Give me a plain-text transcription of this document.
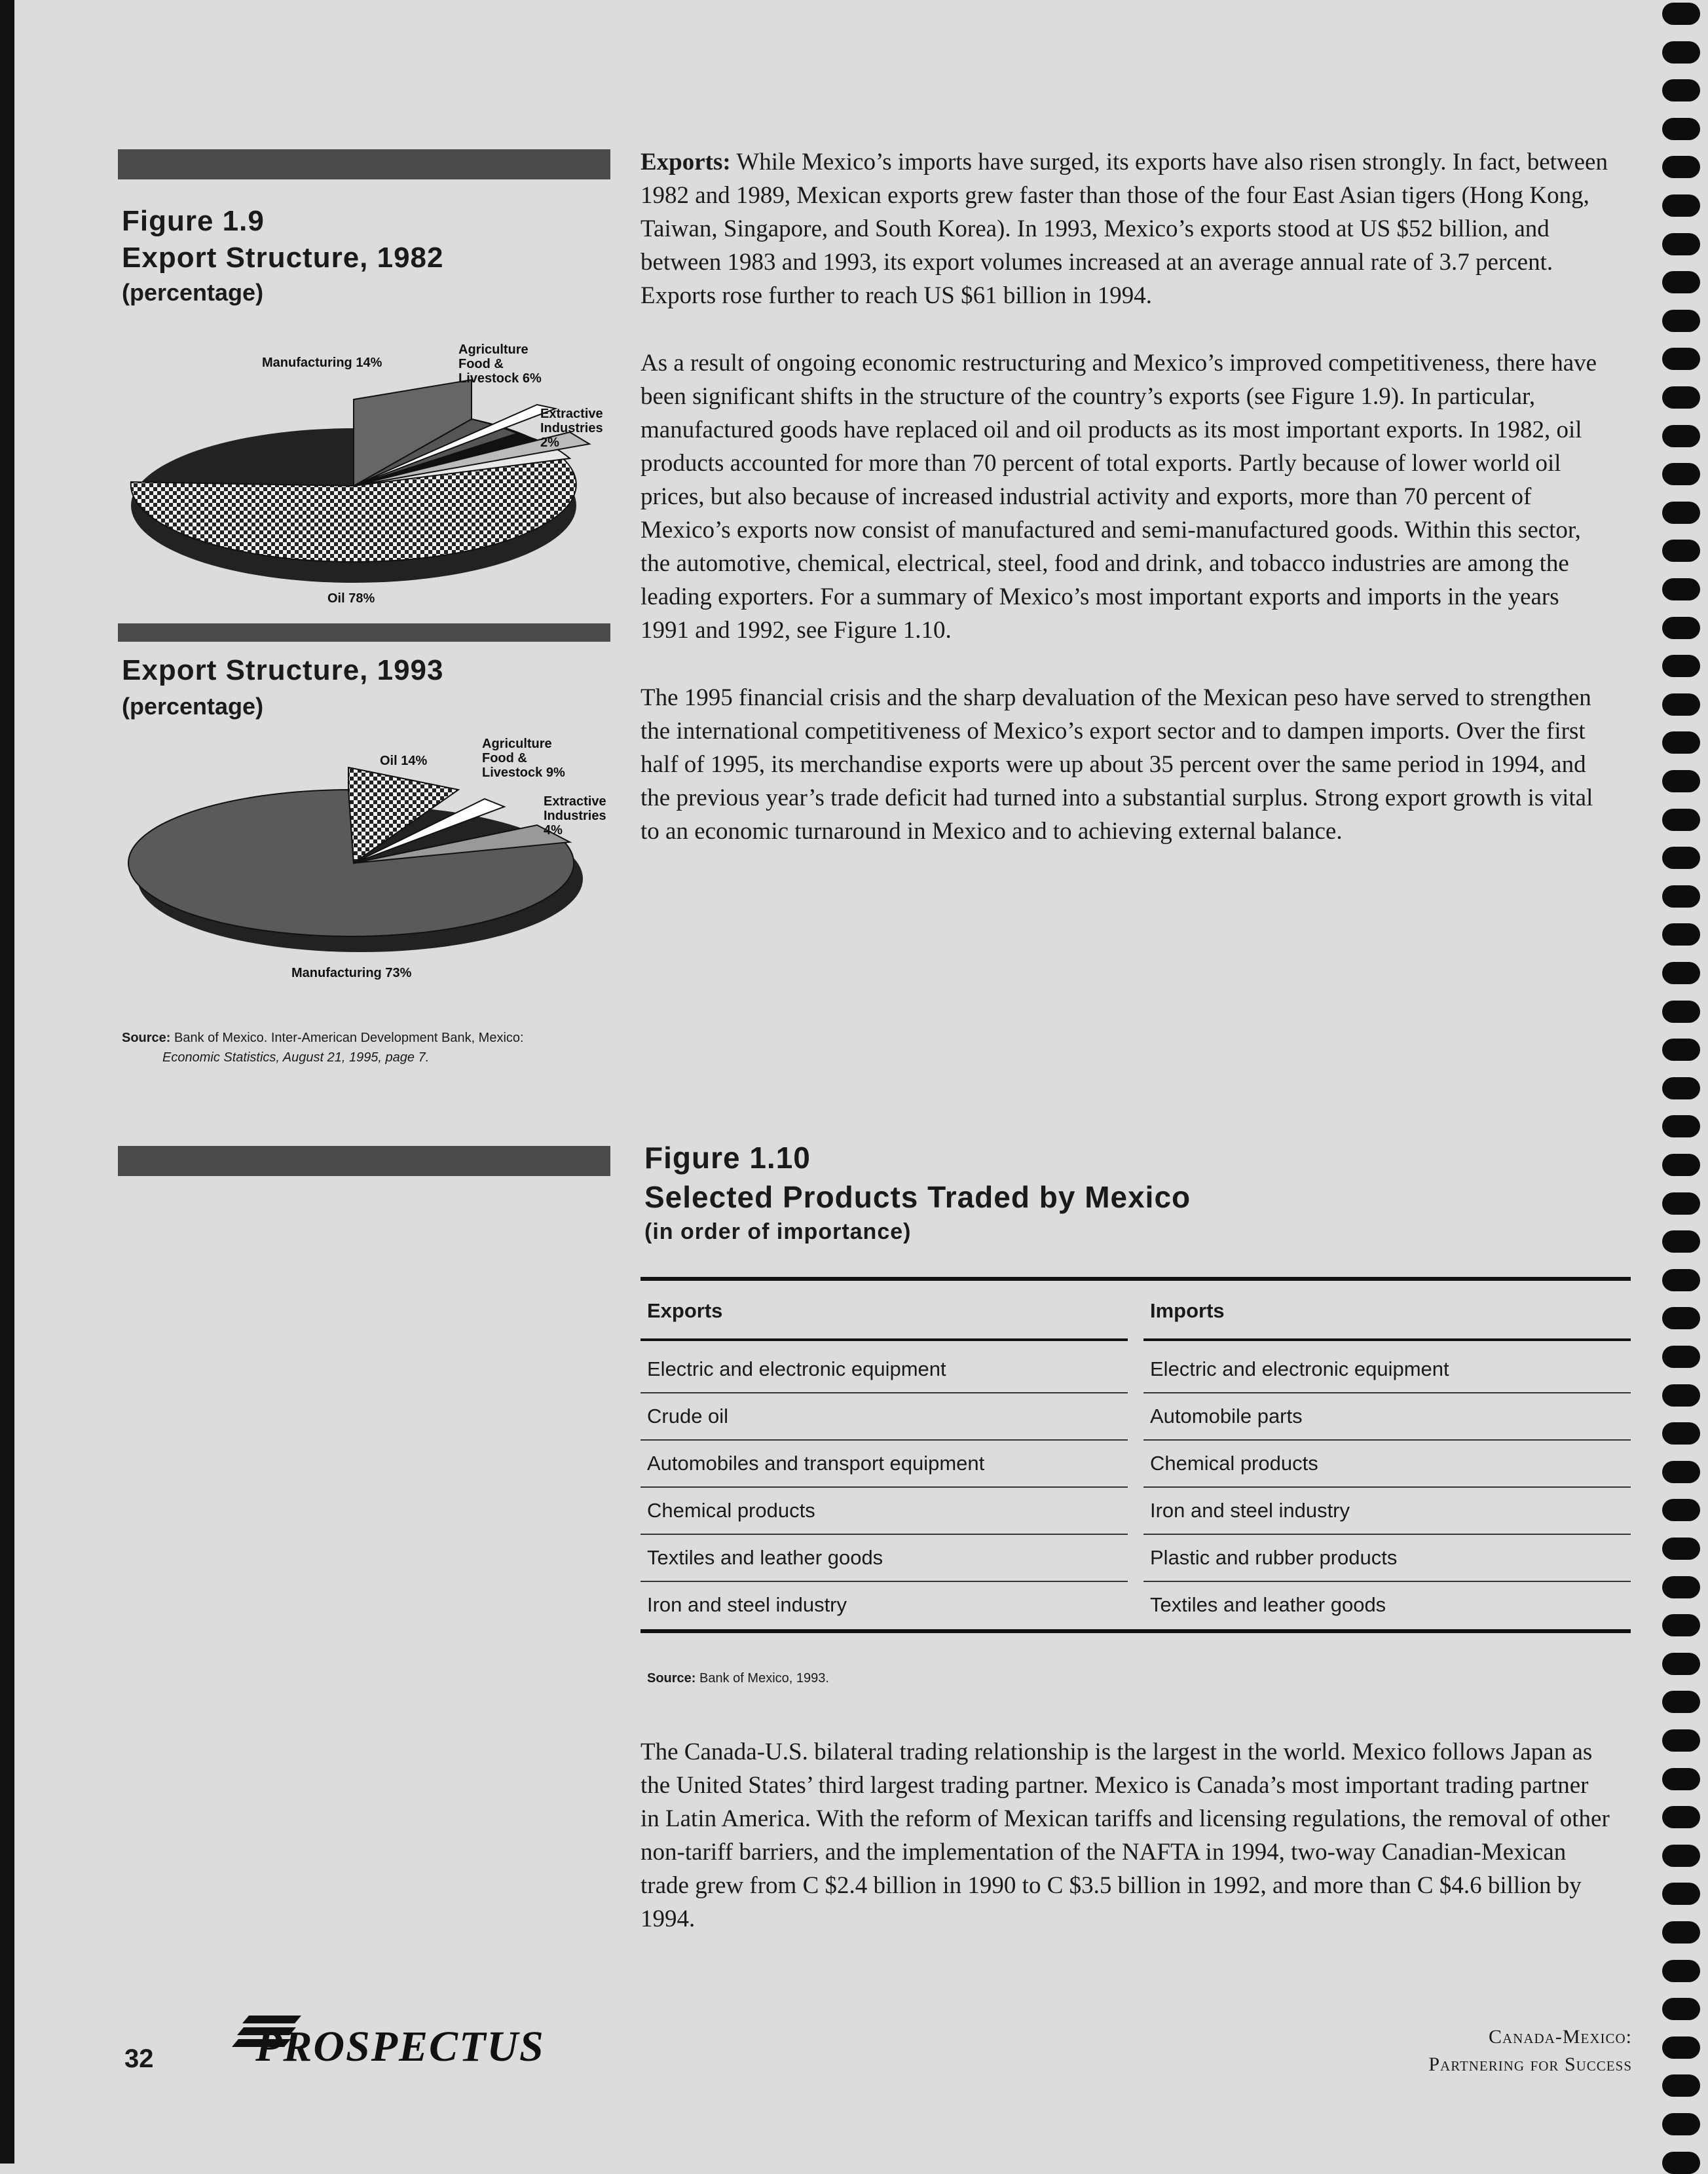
Figure 1.9
Export Structure, 1982
(percentage)
Manufacturing 14%
Agriculture
Food &
Livestock 6%
Extractive
Industries
2%
Oil 78%
Export Structure, 1993
(percentage)
Oil 14%
Agriculture
Food &
Livestock 9%
Extractive
Industries
4%
Manufacturing 73%
Source: Bank of Mexico. Inter-American Development Bank, Mexico:
Economic Statistics, August 21, 1995, page 7.

Exports: While Mexico’s imports have surged, its exports have also risen strongly. In fact, between 1982 and 1989, Mexican exports grew faster than those of the four East Asian tigers (Hong Kong, Taiwan, Singapore, and South Korea). In 1993, Mexico’s exports stood at US $52 billion, and between 1983 and 1993, its export volumes increased at an average annual rate of 3.7 percent. Exports rose further to reach US $61 billion in 1994.

As a result of ongoing economic restructuring and Mexico’s improved competitiveness, there have been significant shifts in the structure of the country’s exports (see Figure 1.9). In particular, manufactured goods have replaced oil and oil products as its most important exports. In 1982, oil products accounted for more than 70 percent of total exports. Partly because of lower world oil prices, but also because of increased industrial activity and exports, more than 70 percent of Mexico’s exports now consist of manufactured and semi-manufactured goods. Within this sector, the automotive, chemical, electrical, steel, food and drink, and tobacco industries are among the leading exporters. For a summary of Mexico’s most important exports and imports in the years 1991 and 1992, see Figure 1.10.

The 1995 financial crisis and the sharp devaluation of the Mexican peso have served to strengthen the international competitiveness of Mexico’s export sector and to dampen imports. Over the first half of 1995, its merchandise exports were up about 35 percent over the same period in 1994, and the previous year’s trade deficit had turned into a substantial surplus. Strong export growth is vital to an economic turnaround in Mexico and to achieving external balance.

Figure 1.10
Selected Products Traded by Mexico
(in order of importance)
Exports	Imports
Electric and electronic equipment	Electric and electronic equipment
Crude oil	Automobile parts
Automobiles and transport equipment	Chemical products
Chemical products	Iron and steel industry
Textiles and leather goods	Plastic and rubber products
Iron and steel industry	Textiles and leather goods
Source: Bank of Mexico, 1993.

The Canada-U.S. bilateral trading relationship is the largest in the world. Mexico follows Japan as the United States’ third largest trading partner. Mexico is Canada’s most important trading partner in Latin America. With the reform of Mexican tariffs and licensing regulations, the removal of other non-tariff barriers, and the implementation of the NAFTA in 1994, two-way Canadian-Mexican trade grew from C $2.4 billion in 1990 to C $3.5 billion in 1992, and more than C $4.6 billion by 1994.

32 PROSPECTUS	Canada-Mexico:
Partnering for Success
